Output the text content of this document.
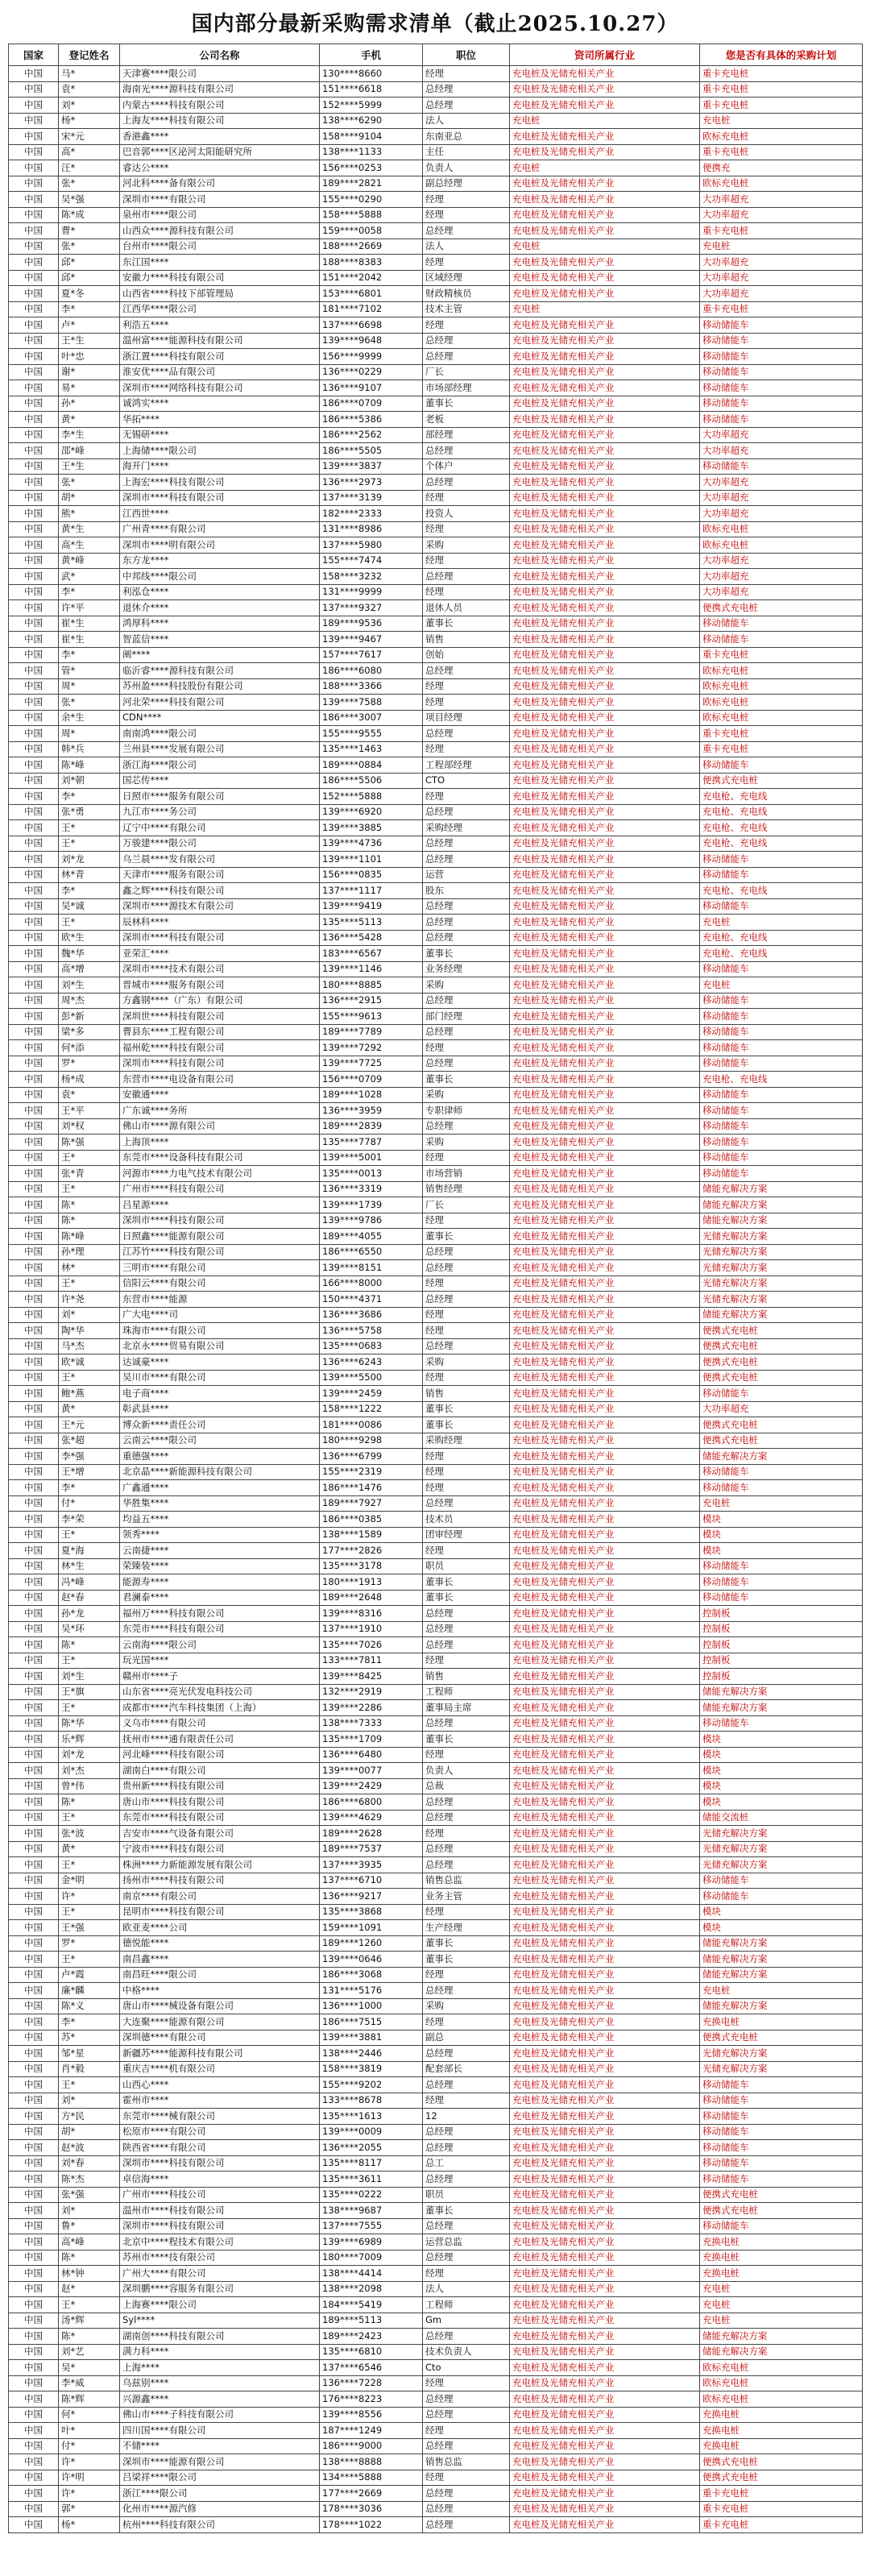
国内部分最新采购需求清单（截止2025.10.27）
国家	登记姓名	公司名称	手机	职位	资司所属行业	您是否有具体的采购计划
中国	马*	天津赛****限公司	130****8660	经理	充电桩及光储充相关产业	重卡充电桩
中国	袁*	海南光****源科技有限公司	151****6618	总经理	充电桩及光储充相关产业	重卡充电桩
中国	刘*	内蒙古****科技有限公司	152****5999	总经理	充电桩及光储充相关产业	重卡充电桩
中国	杨*	上海友****科技有限公司	138****6290	法人	充电桩	充电桩
中国	宋*元	香港鑫****	158****9104	东南亚总	充电桩及光储充相关产业	欧标充电桩
中国	高*	巴音郭****区泌河太阳能研究所	138****1133	主任	充电桩及光储充相关产业	重卡充电桩
中国	汪*	睿达公****	156****0253	负责人	充电桩	便携充
中国	张*	河北科****备有限公司	189****2821	副总经理	充电桩及光储充相关产业	欧标充电桩
中国	吴*强	深圳市****有限公司	155****0290	经理	充电桩及光储充相关产业	大功率超充
中国	陈*成	泉州市****限公司	158****5888	经理	充电桩及光储充相关产业	大功率超充
中国	曹*	山西众****源科技有限公司	159****0058	总经理	充电桩及光储充相关产业	重卡充电桩
中国	张*	台州市****限公司	188****2669	法人	充电桩	充电桩
中国	邱*	东江国****	188****8383	经理	充电桩及光储充相关产业	大功率超充
中国	邱*	安徽力****科技有限公司	151****2042	区域经理	充电桩及光储充相关产业	大功率超充
中国	夏*冬	山西省****科技下部管理局	153****6801	财政精核员	充电桩及光储充相关产业	大功率超充
中国	李*	江西华****限公司	181****7102	技术主管	充电桩	重卡充电桩
中国	卢*	利浩五****	137****6698	经理	充电桩及光储充相关产业	移动储能车
中国	王*生	温州富****能源科技有限公司	139****9648	总经理	充电桩及光储充相关产业	移动储能车
中国	叶*忠	浙江置****科技有限公司	156****9999	总经理	充电桩及光储充相关产业	移动储能车
中国	谢*	淮安优****品有限公司	136****0229	厂长	充电桩及光储充相关产业	移动储能车
中国	易*	深圳市****网络科技有限公司	136****9107	市场部经理	充电桩及光储充相关产业	移动储能车
中国	孙*	诚鸿实****	186****0709	董事长	充电桩及光储充相关产业	移动储能车
中国	黄*	华拓****	186****5386	老板	充电桩及光储充相关产业	移动储能车
中国	李*生	无锡研****	186****2562	部经理	充电桩及光储充相关产业	大功率超充
中国	邵*峰	上海储****限公司	186****5505	总经理	充电桩及光储充相关产业	大功率超充
中国	王*生	海开门****	139****3837	个体户	充电桩及光储充相关产业	移动储能车
中国	张*	上海宏****科技有限公司	136****2973	总经理	充电桩及光储充相关产业	大功率超充
中国	胡*	深圳市****科技有限公司	137****3139	经理	充电桩及光储充相关产业	大功率超充
中国	熊*	江西世****	182****2333	投资人	充电桩及光储充相关产业	大功率超充
中国	黄*生	广州青****有限公司	131****8986	经理	充电桩及光储充相关产业	欧标充电桩
中国	高*生	深圳市****明有限公司	137****5980	采购	充电桩及光储充相关产业	欧标充电桩
中国	黄*峰	东方龙****	155****7474	经理	充电桩及光储充相关产业	大功率超充
中国	武*	中邦线****限公司	158****3232	总经理	充电桩及光储充相关产业	大功率超充
中国	李*	利泓仓****	131****9999	经理	充电桩及光储充相关产业	大功率超充
中国	许*平	退休介****	137****9327	退休人员	充电桩及光储充相关产业	便携式充电桩
中国	崔*生	鸿厚科****	189****9536	董事长	充电桩及光储充相关产业	移动储能车
中国	崔*生	智蓝信****	139****9467	销售	充电桩及光储充相关产业	移动储能车
中国	李*	阐****	157****7617	创始	充电桩及光储充相关产业	重卡充电桩
中国	管*	临沂睿****源科技有限公司	186****6080	总经理	充电桩及光储充相关产业	欧标充电桩
中国	周*	苏州盈****科技股份有限公司	188****3366	经理	充电桩及光储充相关产业	欧标充电桩
中国	张*	河北荣****科技有限公司	139****7588	经理	充电桩及光储充相关产业	欧标充电桩
中国	余*生	CDN****	186****3007	项目经理	充电桩及光储充相关产业	欧标充电桩
中国	周*	南南鸿****限公司	155****9555	总经理	充电桩及光储充相关产业	重卡充电桩
中国	韩*兵	兰州县****发展有限公司	135****1463	经理	充电桩及光储充相关产业	重卡充电桩
中国	陈*峰	浙江海****限公司	189****0884	工程部经理	充电桩及光储充相关产业	移动储能车
中国	刘*朝	国芯传****	186****5506	CTO	充电桩及光储充相关产业	便携式充电桩
中国	李*	日照市****服务有限公司	152****5888	经理	充电桩及光储充相关产业	充电枪、充电线
中国	张*勇	九江市****务公司	139****6920	总经理	充电桩及光储充相关产业	充电枪、充电线
中国	王*	辽宁中****有限公司	139****3885	采购经理	充电桩及光储充相关产业	充电枪、充电线
中国	王*	万骏建****限公司	139****4736	总经理	充电桩及光储充相关产业	充电枪、充电线
中国	刘*龙	乌兰晨****发有限公司	139****1101	总经理	充电桩及光储充相关产业	移动储能车
中国	林*青	天津市****服务有限公司	156****0835	运营	充电桩及光储充相关产业	移动储能车
中国	李*	鑫之辉****科技有限公司	137****1117	股东	充电桩及光储充相关产业	充电枪、充电线
中国	吴*诚	深圳市****源技术有限公司	139****9419	总经理	充电桩及光储充相关产业	移动储能车
中国	王*	辰林科****	135****5113	总经理	充电桩及光储充相关产业	充电桩
中国	欧*生	深圳市****科技有限公司	136****5428	总经理	充电桩及光储充相关产业	充电枪、充电线
中国	魏*华	亚荣汇****	183****6567	董事长	充电桩及光储充相关产业	充电枪、充电线
中国	高*增	深圳市****技术有限公司	139****1146	业务经理	充电桩及光储充相关产业	移动储能车
中国	刘*生	晋城市****服务有限公司	180****8885	采购	充电桩及光储充相关产业	充电桩
中国	周*杰	方鑫钢****（广东）有限公司	136****2915	总经理	充电桩及光储充相关产业	移动储能车
中国	彭*新	深圳世****科技有限公司	155****9613	部门经理	充电桩及光储充相关产业	移动储能车
中国	梁*多	曹县东****工程有限公司	189****7789	总经理	充电桩及光储充相关产业	移动储能车
中国	何*添	福州乾****科技有限公司	139****7292	经理	充电桩及光储充相关产业	移动储能车
中国	罗*	深圳市****科技有限公司	139****7725	总经理	充电桩及光储充相关产业	移动储能车
中国	杨*成	东营市****电设备有限公司	156****0709	董事长	充电桩及光储充相关产业	充电枪、充电线
中国	袁*	安徽通****	189****1028	采购	充电桩及光储充相关产业	移动储能车
中国	王*平	广东诚****务所	136****3959	专职律师	充电桩及光储充相关产业	移动储能车
中国	刘*权	佛山市****源有限公司	189****2839	总经理	充电桩及光储充相关产业	移动储能车
中国	陈*强	上海顶****	135****7787	采购	充电桩及光储充相关产业	移动储能车
中国	王*	东莞市****设备科技有限公司	139****5001	经理	充电桩及光储充相关产业	移动储能车
中国	张*青	河源市****力电气技术有限公司	135****0013	市场营销	充电桩及光储充相关产业	移动储能车
中国	王*	广州市****科技有限公司	136****3319	销售经理	充电桩及光储充相关产业	储能充解决方案
中国	陈*	吕星源****	139****1739	厂长	充电桩及光储充相关产业	储能充解决方案
中国	陈*	深圳市****科技有限公司	139****9786	经理	充电桩及光储充相关产业	储能充解决方案
中国	陈*峰	日照鑫****能源有限公司	189****4055	董事长	充电桩及光储充相关产业	光储充解决方案
中国	孙*理	江苏竹****科技有限公司	186****6550	总经理	充电桩及光储充相关产业	光储充解决方案
中国	林*	三明市****有限公司	139****8151	总经理	充电桩及光储充相关产业	光储充解决方案
中国	王*	信阳云****有限公司	166****8000	经理	充电桩及光储充相关产业	光储充解决方案
中国	许*尧	东营市****能源	150****4371	总经理	充电桩及光储充相关产业	光储充解决方案
中国	刘*	广大电****司	136****3686	经理	充电桩及光储充相关产业	储能充解决方案
中国	陶*华	珠海市****有限公司	136****5758	经理	充电桩及光储充相关产业	便携式充电桩
中国	马*杰	北京永****贸易有限公司	135****0683	总经理	充电桩及光储充相关产业	便携式充电桩
中国	欧*诚	达诚豪****	136****6243	采购	充电桩及光储充相关产业	便携式充电桩
中国	王*	吴川市****有限公司	139****5500	经理	充电桩及光储充相关产业	便携式充电桩
中国	鲍*燕	电子商****	139****2459	销售	充电桩及光储充相关产业	移动储能车
中国	黄*	彰武县****	158****1222	董事长	充电桩及光储充相关产业	大功率超充
中国	王*元	博众新****责任公司	181****0086	董事长	充电桩及光储充相关产业	便携式充电桩
中国	张*超	云南云****限公司	180****9298	采购经理	充电桩及光储充相关产业	便携式充电桩
中国	李*强	重德强****	136****6799	经理	充电桩及光储充相关产业	储能充解决方案
中国	王*增	北京晶****新能源科技有限公司	155****2319	经理	充电桩及光储充相关产业	移动储能车
中国	李*	广鑫通****	186****1476	经理	充电桩及光储充相关产业	移动储能车
中国	付*	华胜集****	189****7927	总经理	充电桩及光储充相关产业	充电桩
中国	李*荣	均益五****	186****0385	技术员	充电桩及光储充相关产业	模块
中国	王*	领秀****	138****1589	团审经理	充电桩及光储充相关产业	模块
中国	夏*海	云南捷****	177****2826	经理	充电桩及光储充相关产业	模块
中国	林*生	荣臻装****	135****3178	职员	充电桩及光储充相关产业	移动储能车
中国	冯*峰	能源寿****	180****1913	董事长	充电桩及光储充相关产业	移动储能车
中国	赵*春	君澜泰****	189****2648	董事长	充电桩及光储充相关产业	移动储能车
中国	孙*龙	福州万****科技有限公司	139****8316	总经理	充电桩及光储充相关产业	控制板
中国	吴*环	东莞市****科技有限公司	137****1910	总经理	充电桩及光储充相关产业	控制板
中国	陈*	云南海****限公司	135****7026	总经理	充电桩及光储充相关产业	控制板
中国	王*	玩光国****	133****7811	经理	充电桩及光储充相关产业	控制板
中国	刘*生	赣州市****子	139****8425	销售	充电桩及光储充相关产业	控制板
中国	王*旗	山东省****亮光伏发电科技公司	132****2919	工程师	充电桩及光储充相关产业	储能充解决方案
中国	王*	成都市****汽车科技集团（上海）	139****2286	董事局主席	充电桩及光储充相关产业	储能充解决方案
中国	陈*华	义乌市****有限公司	138****7333	总经理	充电桩及光储充相关产业	移动储能车
中国	乐*辉	抚州市****通有限责任公司	135****1709	董事长	充电桩及光储充相关产业	模块
中国	刘*龙	河北峰****科技有限公司	136****6480	经理	充电桩及光储充相关产业	模块
中国	刘*杰	湖南白****有限公司	139****0077	负责人	充电桩及光储充相关产业	模块
中国	曾*伟	贵州新****科技有限公司	139****2429	总裁	充电桩及光储充相关产业	模块
中国	陈*	唐山市****科技有限公司	186****6800	总经理	充电桩及光储充相关产业	模块
中国	王*	东莞市****科技有限公司	139****4629	总经理	充电桩及光储充相关产业	储能交流桩
中国	张*波	吉安市****气设备有限公司	189****2628	经理	充电桩及光储充相关产业	光储充解决方案
中国	黄*	宁波市****科技有限公司	189****7537	总经理	充电桩及光储充相关产业	光储充解决方案
中国	王*	株洲****力新能源发展有限公司	137****3935	总经理	充电桩及光储充相关产业	光储充解决方案
中国	金*明	扬州市****科技有限公司	137****6710	销售总监	充电桩及光储充相关产业	移动储能车
中国	许*	南京****有限公司	136****9217	业务主管	充电桩及光储充相关产业	移动储能车
中国	王*	昆明市****科技有限公司	135****3868	经理	充电桩及光储充相关产业	模块
中国	王*强	欧亚麦****公司	159****1091	生产经理	充电桩及光储充相关产业	模块
中国	罗*	德悦能****	189****1260	董事长	充电桩及光储充相关产业	储能充解决方案
中国	王*	南昌鑫****	139****0646	董事长	充电桩及光储充相关产业	储能充解决方案
中国	卢*霞	南昌旺****限公司	186****3068	经理	充电桩及光储充相关产业	储能充解决方案
中国	廉*麟	中格****	131****5176	总经理	充电桩及光储充相关产业	充电桩
中国	陈*义	唐山市****械设备有限公司	136****1000	采购	充电桩及光储充相关产业	储能充解决方案
中国	李*	大连聚****能源有限公司	186****7515	经理	充电桩及光储充相关产业	充换电桩
中国	苏*	深圳德****有限公司	139****3881	副总	充电桩及光储充相关产业	便携式充电桩
中国	邹*星	新疆苏****能源科技有限公司	138****2446	总经理	充电桩及光储充相关产业	光储充解决方案
中国	肖*毅	重庆吉****机有限公司	158****3819	配套部长	充电桩及光储充相关产业	光储充解决方案
中国	王*	山西心****	155****9202	总经理	充电桩及光储充相关产业	移动储能车
中国	刘*	霍州市****	133****8678	经理	充电桩及光储充相关产业	移动储能车
中国	方*民	东莞市****械有限公司	135****1613	12	充电桩及光储充相关产业	移动储能车
中国	胡*	松原市****有限公司	139****0009	总经理	充电桩及光储充相关产业	移动储能车
中国	赵*波	陕西省****有限公司	136****2055	总经理	充电桩及光储充相关产业	移动储能车
中国	刘*春	深圳市****科技有限公司	135****8117	总工	充电桩及光储充相关产业	移动储能车
中国	陈*杰	卓信海****	135****3611	总经理	充电桩及光储充相关产业	移动储能车
中国	张*强	广州市****科技公司	135****0222	职员	充电桩及光储充相关产业	便携式充电桩
中国	刘*	温州市****科技有限公司	138****9687	董事长	充电桩及光储充相关产业	便携式充电桩
中国	鲁*	深圳市****科技有限公司	137****7555	总经理	充电桩及光储充相关产业	移动储能车
中国	高*峰	北京中****程技术有限公司	139****6989	运营总监	充电桩及光储充相关产业	充换电桩
中国	陈*	苏州市****技有限公司	180****7009	总经理	充电桩及光储充相关产业	充换电桩
中国	林*钟	广州大****有限公司	138****4414	经理	充电桩及光储充相关产业	充换电桩
中国	赵*	深圳鹏****容服务有限公司	138****2098	法人	充电桩及光储充相关产业	充电桩
中国	王*	上海赛****限公司	184****5419	工程师	充电桩及光储充相关产业	充电桩
中国	汤*辉	Syl****	189****5113	Gm	充电桩及光储充相关产业	充电桩
中国	陈*	湖南创****科技有限公司	189****2423	总经理	充电桩及光储充相关产业	储能充解决方案
中国	刘*艺	满力科****	135****6810	技术负责人	充电桩及光储充相关产业	储能充解决方案
中国	吴*	上海****	137****6546	Cto	充电桩及光储充相关产业	欧标充电桩
中国	李*威	乌兹别****	136****7228	经理	充电桩及光储充相关产业	欧标充电桩
中国	陈*辉	兴源鑫****	176****8223	总经理	充电桩及光储充相关产业	欧标充电桩
中国	何*	佛山市****子科技有限公司	139****8556	总经理	充电桩及光储充相关产业	充换电桩
中国	叶*	四川国****有限公司	187****1249	经理	充电桩及光储充相关产业	充换电桩
中国	付*	不储****	186****9000	总经理	充电桩及光储充相关产业	充换电桩
中国	许*	深圳市****能源有限公司	138****8888	销售总监	充电桩及光储充相关产业	便携式充电桩
中国	许*明	吕梁祥****限公司	134****5888	经理	充电桩及光储充相关产业	便携式充电桩
中国	许*	浙江****限公司	177****2669	总经理	充电桩及光储充相关产业	重卡充电桩
中国	郭*	化州市****源汽修	178****3036	总经理	充电桩及光储充相关产业	重卡充电桩
中国	杨*	杭州****科技有限公司	178****1022	总经理	充电桩及光储充相关产业	重卡充电桩
